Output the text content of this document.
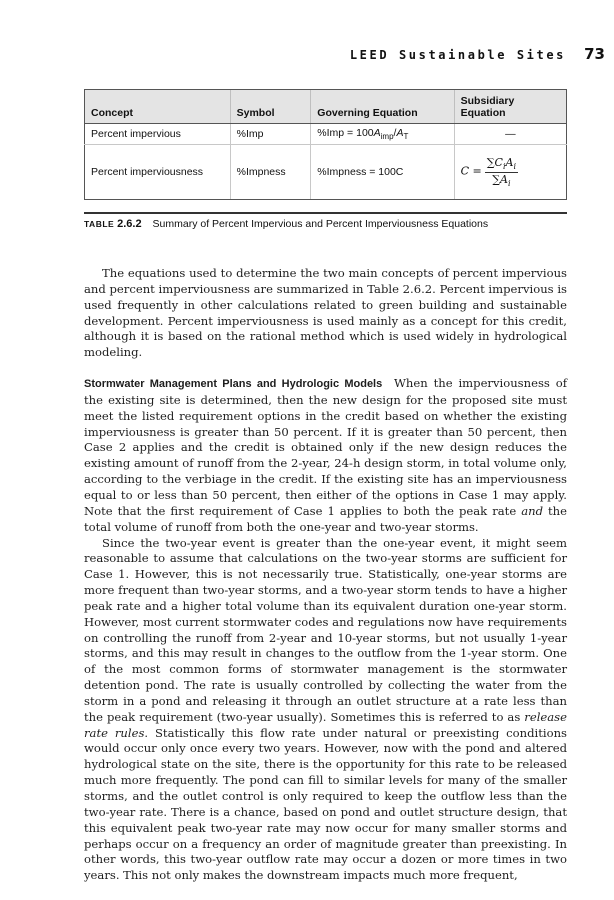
LEED Sustainable Sites 73
Concept	Symbol	Governing Equation	Subsidiary Equation
Percent impervious	%Imp	$\%Imp = 100A_{imp}/A_T$	—
Percent imperviousness	%Impness	%Impness = 100C	$C = \frac{\sum C_iA_i}{\sum A_i}$
TABLE 2.6.2 Summary of Percent Impervious and Percent Imperviousness Equations

The equations used to determine the two main concepts of percent impervious and percent imperviousness are summarized in Table 2.6.2. Percent impervious is used frequently in other calculations related to green building and sustainable development. Percent imperviousness is used mainly as a concept for this credit, although it is based on the rational method which is used widely in hydrological modeling.

Stormwater Management Plans and Hydrologic Models When the imperviousness of the existing site is determined, then the new design for the proposed site must meet the listed requirement options in the credit based on whether the existing imperviousness is greater than 50 percent. If it is greater than 50 percent, then Case 2 applies and the credit is obtained only if the new design reduces the existing amount of runoff from the 2-year, 24-h design storm, in total volume only, according to the verbiage in the credit. If the existing site has an imperviousness equal to or less than 50 percent, then either of the options in Case 1 may apply. Note that the first requirement of Case 1 applies to both the peak rate and the total volume of runoff from both the one-year and two-year storms.

Since the two-year event is greater than the one-year event, it might seem reasonable to assume that calculations on the two-year storms are sufficient for Case 1. However, this is not necessarily true. Statistically, one-year storms are more frequent than two-year storms, and a two-year storm tends to have a higher peak rate and a higher total volume than its equivalent duration one-year storm. However, most current stormwater codes and regulations now have requirements on controlling the runoff from 2-year and 10-year storms, but not usually 1-year storms, and this may result in changes to the outflow from the 1-year storm. One of the most common forms of stormwater management is the stormwater detention pond. The rate is usually controlled by collecting the water from the storm in a pond and releasing it through an outlet structure at a rate less than the peak requirement (two-year usually). Sometimes this is referred to as release rate rules. Statistically this flow rate under natural or preexisting conditions would occur only once every two years. However, now with the pond and altered hydrological state on the site, there is the opportunity for this rate to be released much more frequently. The pond can fill to similar levels for many of the smaller storms, and the outlet control is only required to keep the outflow less than the two-year rate. There is a chance, based on pond and outlet structure design, that this equivalent peak two-year rate may now occur for many smaller storms and perhaps occur on a frequency an order of magnitude greater than preexisting. In other words, this two-year outflow rate may occur a dozen or more times in two years. This not only makes the downstream impacts much more frequent,
